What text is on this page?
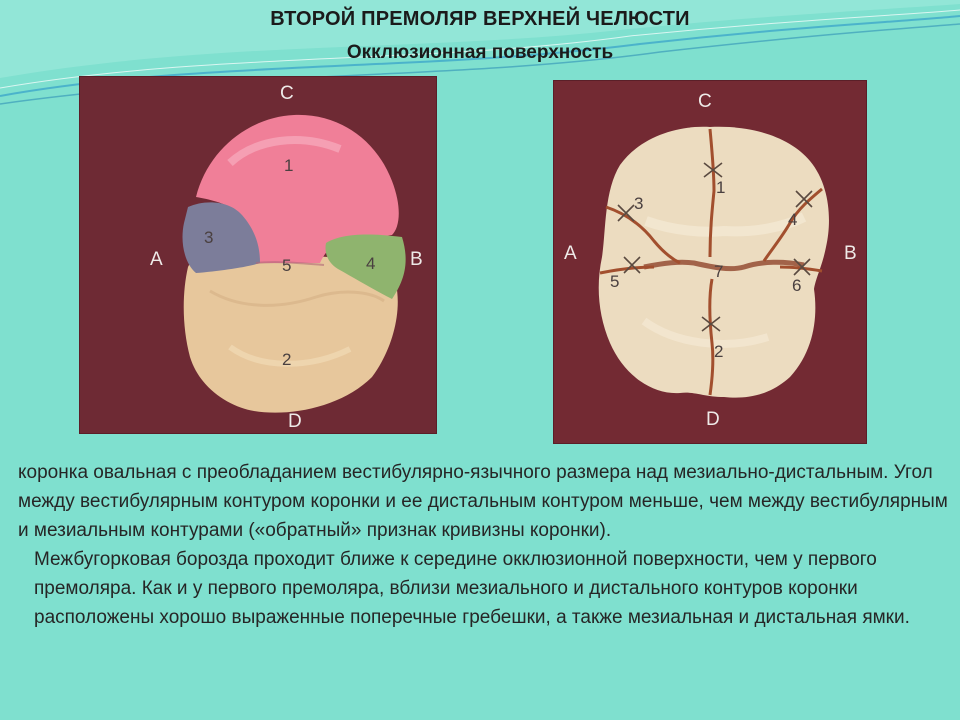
ВТОРОЙ ПРЕМОЛЯР ВЕРХНЕЙ ЧЕЛЮСТИ
Окклюзионная поверхность
C
D
A	B
1
2
3
4
5
C
D
A	B
1
2
3
4
5	6
7

коронка овальная с преобладанием вестибулярно-язычного размера над мезиально-дистальным. Угол между вестибулярным контуром коронки и ее дистальным контуром меньше, чем между вестибулярным и мезиальным контурами («обратный» признак кривизны коронки).

Межбугорковая борозда проходит ближе к середине окклюзионной поверхности, чем у первого премоляра. Как и у первого премоляра, вблизи мезиального и дистального контуров коронки расположены хорошо выраженные поперечные гребешки, а также мезиальная и дистальная ямки.
